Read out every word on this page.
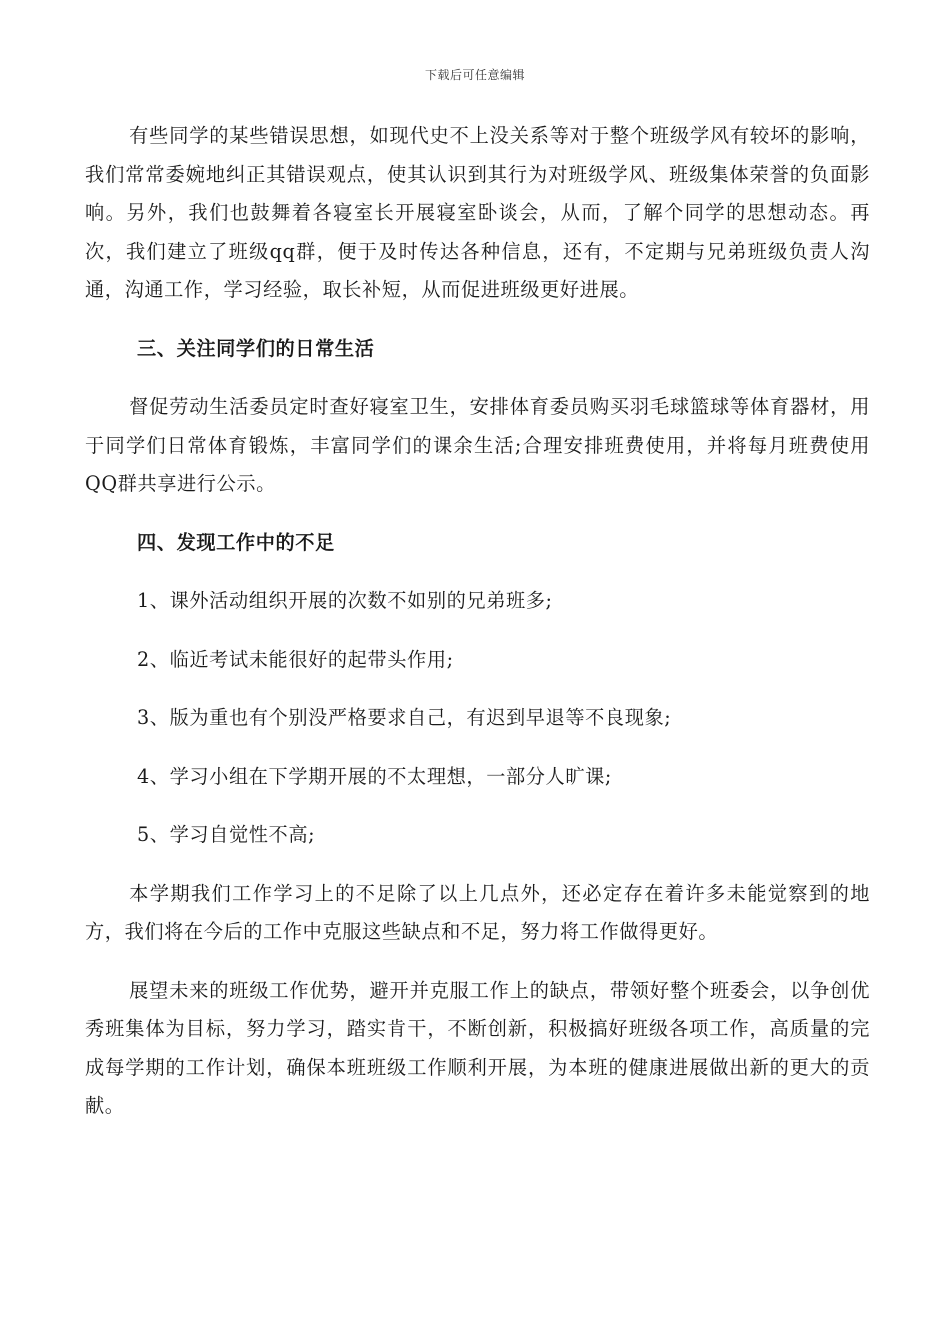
下载后可任意编辑

有些同学的某些错误思想，如现代史不上没关系等对于整个班级学风有较坏的影响，我们常常委婉地纠正其错误观点，使其认识到其行为对班级学风、班级集体荣誉的负面影响。另外，我们也鼓舞着各寝室长开展寝室卧谈会，从而，了解个同学的思想动态。再次，我们建立了班级qq群，便于及时传达各种信息，还有，不定期与兄弟班级负责人沟通，沟通工作，学习经验，取长补短，从而促进班级更好进展。

三、关注同学们的日常生活

督促劳动生活委员定时查好寝室卫生，安排体育委员购买羽毛球篮球等体育器材，用于同学们日常体育锻炼，丰富同学们的课余生活;合理安排班费使用，并将每月班费使用QQ群共享进行公示。

四、发现工作中的不足

1、课外活动组织开展的次数不如别的兄弟班多;

2、临近考试未能很好的起带头作用;

3、版为重也有个别没严格要求自己，有迟到早退等不良现象;

4、学习小组在下学期开展的不太理想，一部分人旷课;

5、学习自觉性不高;

本学期我们工作学习上的不足除了以上几点外，还必定存在着许多未能觉察到的地方，我们将在今后的工作中克服这些缺点和不足，努力将工作做得更好。

展望未来的班级工作优势，避开并克服工作上的缺点，带领好整个班委会，以争创优秀班集体为目标，努力学习，踏实肯干，不断创新，积极搞好班级各项工作，高质量的完成每学期的工作计划，确保本班班级工作顺利开展，为本班的健康进展做出新的更大的贡献。
